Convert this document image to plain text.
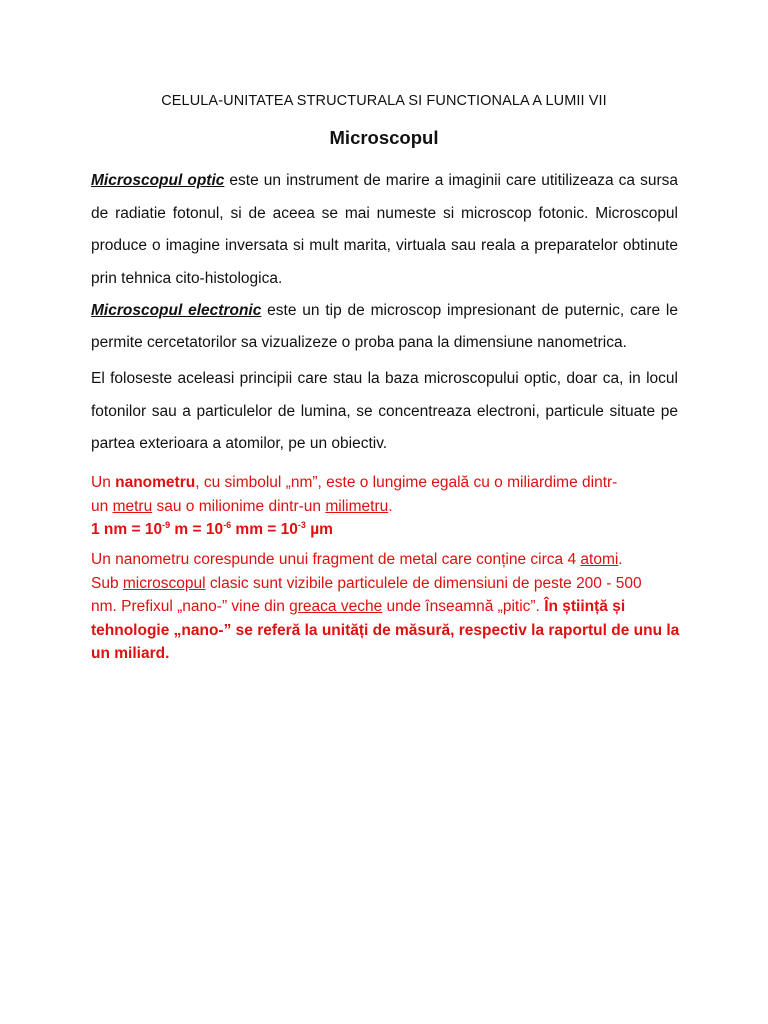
CELULA-UNITATEA STRUCTURALA SI FUNCTIONALA A LUMII VII
Microscopul
Microscopul optic este un instrument de marire a imaginii care utitilizeaza ca sursa de radiatie fotonul, si de aceea se mai numeste si microscop fotonic. Microscopul produce o imagine inversata si mult marita, virtuala sau reala a preparatelor obtinute prin tehnica cito-histologica.
Microscopul electronic este un tip de microscop impresionant de puternic, care le permite cercetatorilor sa vizualizeze o proba pana la dimensiune nanometrica.
El foloseste aceleasi principii care stau la baza microscopului optic, doar ca, in locul fotonilor sau a particulelor de lumina, se concentreaza electroni, particule situate pe partea exterioara a atomilor, pe un obiectiv.
Un nanometru, cu simbolul „nm”, este o lungime egală cu o miliardime dintr-
un metru sau o milionime dintr-un milimetru.
1 nm = $10^{-9}$ $m = 10^{-6}$ mm = $10^{-3}$ µm
Un nanometru corespunde unui fragment de metal care conține circa 4 atomi.
Sub microscopul clasic sunt vizibile particulele de dimensiuni de peste 200 - 500
nm. Prefixul „nano-” vine din greaca veche unde înseamnă „pitic”. În știință și
tehnologie „nano-” se referă la unități de măsură, respectiv la raportul de unu la
un miliard.
